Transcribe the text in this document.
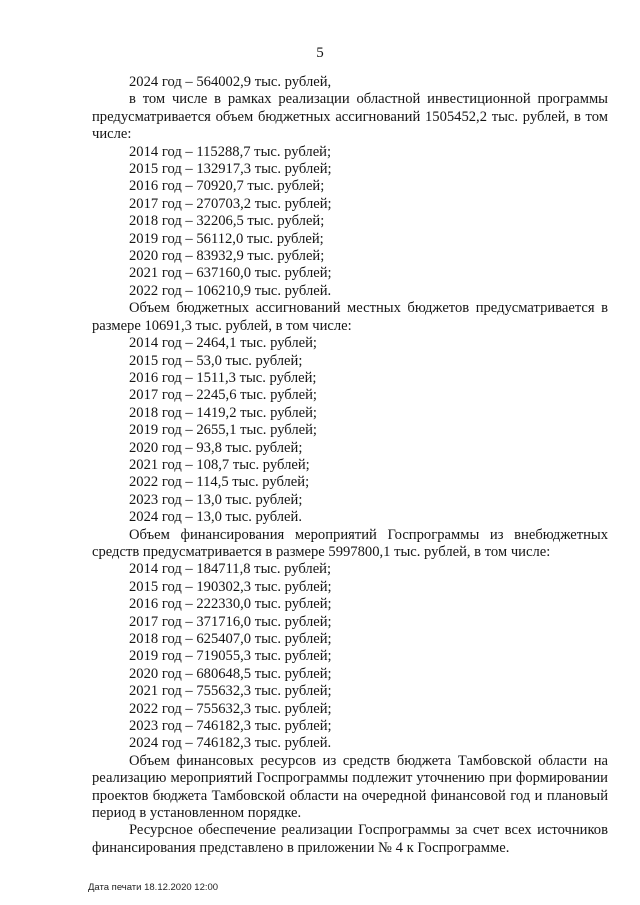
5
2024 год – 564002,9 тыс. рублей,
в том числе в рамках реализации областной инвестиционной программы предусматривается объем бюджетных ассигнований 1505452,2 тыс. рублей, в том числе:
2014 год – 115288,7 тыс. рублей;
2015 год – 132917,3 тыс. рублей;
2016 год – 70920,7 тыс. рублей;
2017 год – 270703,2 тыс. рублей;
2018 год – 32206,5 тыс. рублей;
2019 год – 56112,0 тыс. рублей;
2020 год – 83932,9 тыс. рублей;
2021 год – 637160,0 тыс. рублей;
2022 год – 106210,9 тыс. рублей.
Объем бюджетных ассигнований местных бюджетов предусматривается в размере 10691,3 тыс. рублей, в том числе:
2014 год – 2464,1 тыс. рублей;
2015 год – 53,0 тыс. рублей;
2016 год – 1511,3 тыс. рублей;
2017 год – 2245,6 тыс. рублей;
2018 год – 1419,2 тыс. рублей;
2019 год – 2655,1 тыс. рублей;
2020 год – 93,8 тыс. рублей;
2021 год – 108,7 тыс. рублей;
2022 год – 114,5 тыс. рублей;
2023 год – 13,0 тыс. рублей;
2024 год – 13,0 тыс. рублей.
Объем финансирования мероприятий Госпрограммы из внебюджетных средств предусматривается в размере 5997800,1 тыс. рублей, в том числе:
2014 год – 184711,8 тыс. рублей;
2015 год – 190302,3 тыс. рублей;
2016 год – 222330,0 тыс. рублей;
2017 год – 371716,0 тыс. рублей;
2018 год – 625407,0 тыс. рублей;
2019 год – 719055,3 тыс. рублей;
2020 год – 680648,5 тыс. рублей;
2021 год – 755632,3 тыс. рублей;
2022 год – 755632,3 тыс. рублей;
2023 год – 746182,3 тыс. рублей;
2024 год – 746182,3 тыс. рублей.
Объем финансовых ресурсов из средств бюджета Тамбовской области на реализацию мероприятий Госпрограммы подлежит уточнению при формировании проектов бюджета Тамбовской области на очередной финансовой год и плановый период в установленном порядке.
Ресурсное обеспечение реализации Госпрограммы за счет всех источников финансирования представлено в приложении № 4 к Госпрограмме.
Дата печати 18.12.2020 12:00
